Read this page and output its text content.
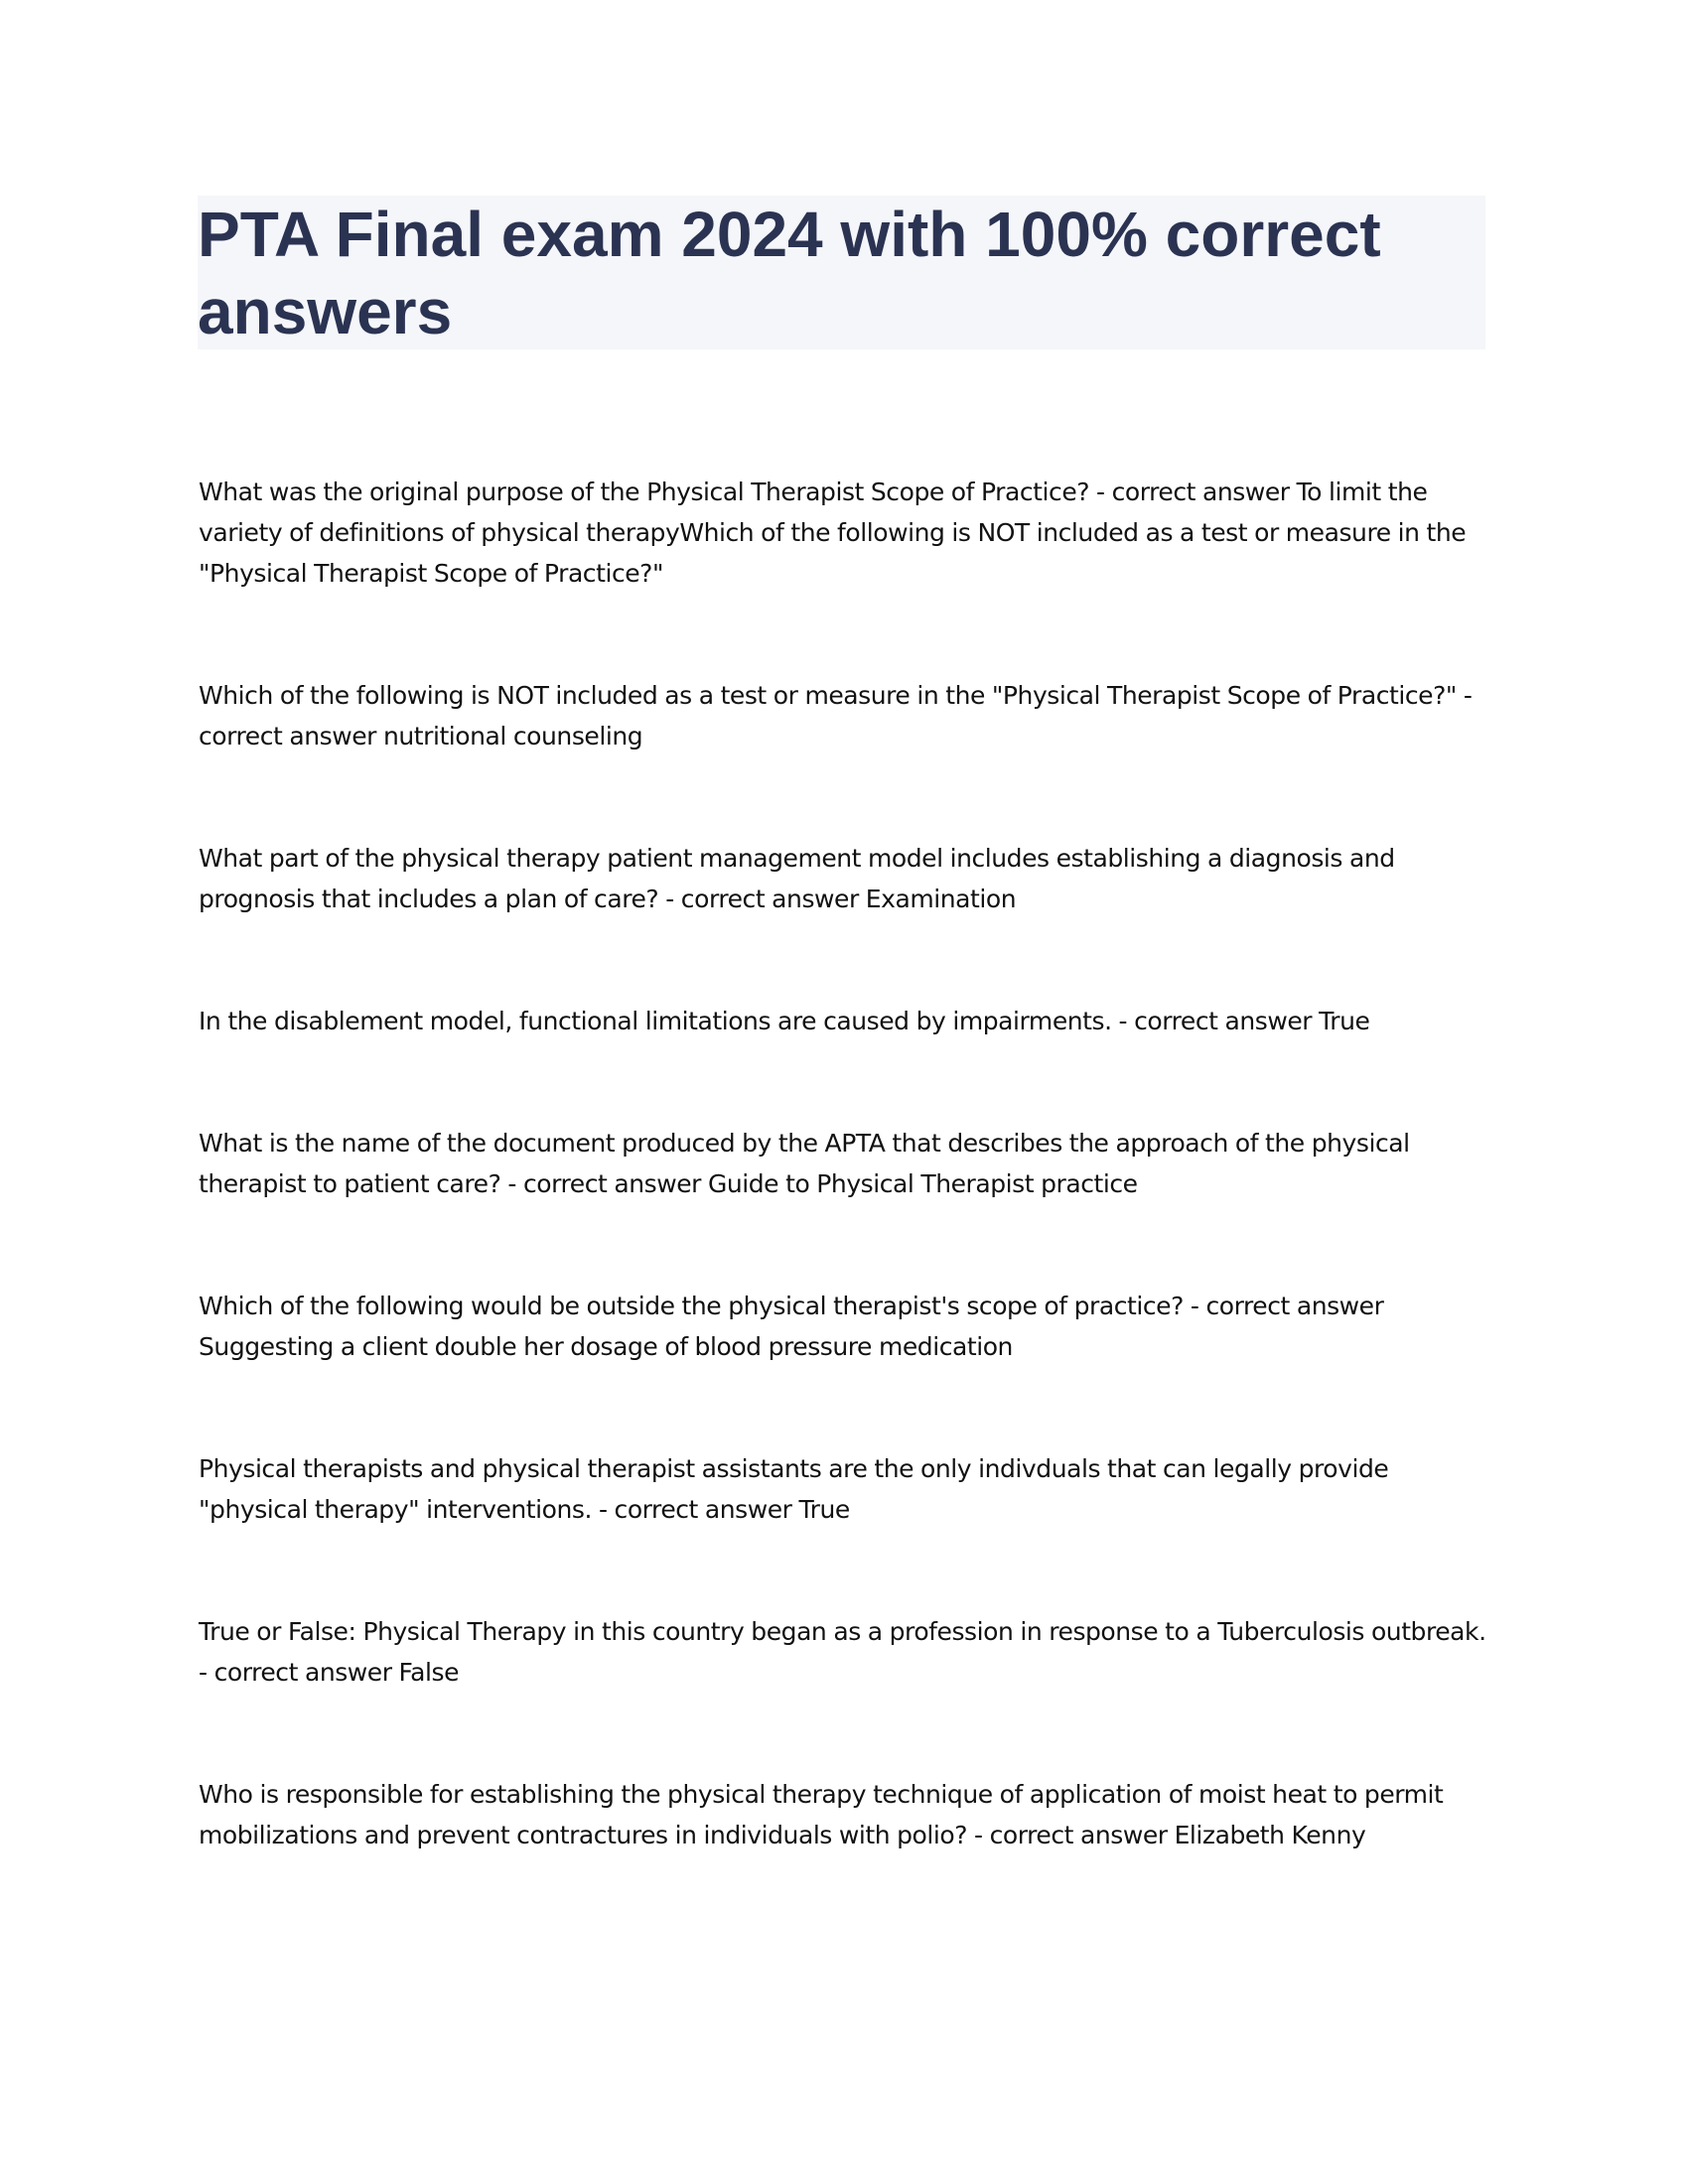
PTA Final exam 2024 with 100% correct answers
What was the original purpose of the Physical Therapist Scope of Practice? - correct answer To limit the variety of definitions of physical therapyWhich of the following is NOT included as a test or measure in the "Physical Therapist Scope of Practice?"
Which of the following is NOT included as a test or measure in the "Physical Therapist Scope of Practice?" - correct answer nutritional counseling
What part of the physical therapy patient management model includes establishing a diagnosis and prognosis that includes a plan of care? - correct answer Examination
In the disablement model, functional limitations are caused by impairments. - correct answer True
What is the name of the document produced by the APTA that describes the approach of the physical therapist to patient care? - correct answer Guide to Physical Therapist practice
Which of the following would be outside the physical therapist's scope of practice? - correct answer Suggesting a client double her dosage of blood pressure medication
Physical therapists and physical therapist assistants are the only indivduals that can legally provide "physical therapy" interventions. - correct answer True
True or False: Physical Therapy in this country began as a profession in response to a Tuberculosis outbreak. - correct answer False
Who is responsible for establishing the physical therapy technique of application of moist heat to permit mobilizations and prevent contractures in individuals with polio? - correct answer Elizabeth Kenny
